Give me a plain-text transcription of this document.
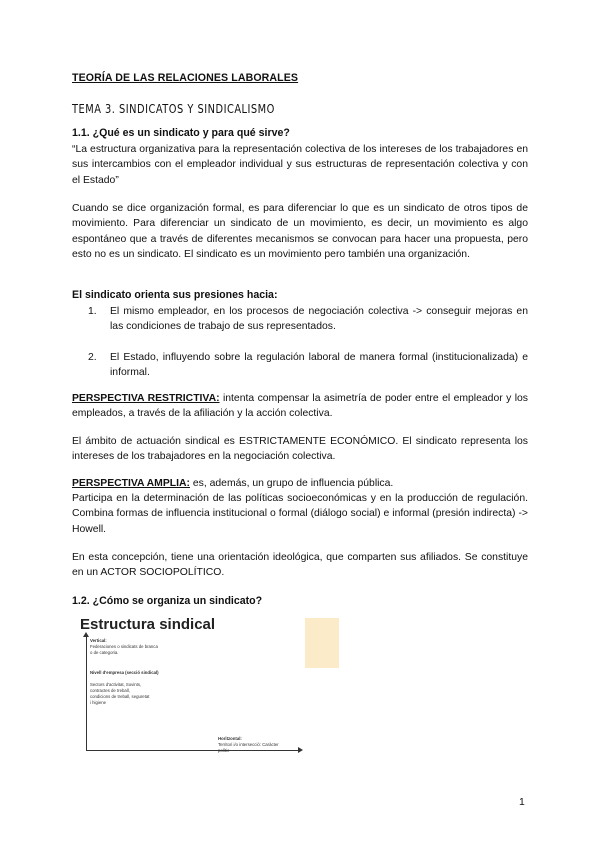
TEORÍA DE LAS RELACIONES LABORALES
TEMA 3. SINDICATOS Y SINDICALISMO
1.1. ¿Qué es un sindicato y para qué sirve?

“La estructura organizativa para la representación colectiva de los intereses de los trabajadores en sus intercambios con el empleador individual y sus estructuras de representación colectiva y con el Estado”

Cuando se dice organización formal, es para diferenciar lo que es un sindicato de otros tipos de movimiento. Para diferenciar un sindicato de un movimiento, es decir, un movimiento es algo espontáneo que a través de diferentes mecanismos se convocan para hacer una propuesta, pero esto no es un sindicato. El sindicato es un movimiento pero también una organización.

El sindicato orienta sus presiones hacia:
1. El mismo empleador, en los procesos de negociación colectiva -> conseguir mejoras en las condiciones de trabajo de sus representados.
2. El Estado, influyendo sobre la regulación laboral de manera formal (institucionalizada) e informal.

PERSPECTIVA RESTRICTIVA: intenta compensar la asimetría de poder entre el empleador y los empleados, a través de la afiliación y la acción colectiva.

El ámbito de actuación sindical es ESTRICTAMENTE ECONÓMICO. El sindicato representa los intereses de los trabajadores en la negociación colectiva.

PERSPECTIVA AMPLIA: es, además, un grupo de influencia pública.

Participa en la determinación de las políticas socioeconómicas y en la producción de regulación. Combina formas de influencia institucional o formal (diálogo social) e informal (presión indirecta) -> Howell.

En esta concepción, tiene una orientación ideológica, que comparten sus afiliados. Se constituye en un ACTOR SOCIOPOLÍTICO.

1.2. ¿Cómo se organiza un sindicato?
Estructura sindical
Vertical:
Federaciones o sindicats de branca
o de categoria.
Nivell d'empresa (secció sindical)
Sectors d'activitat, Sovints,
contractes de treball,
condicions de treball, seguretat
i higiene
Horitzontal:
Territori i/o intersecció: Caràcter
polític
1
